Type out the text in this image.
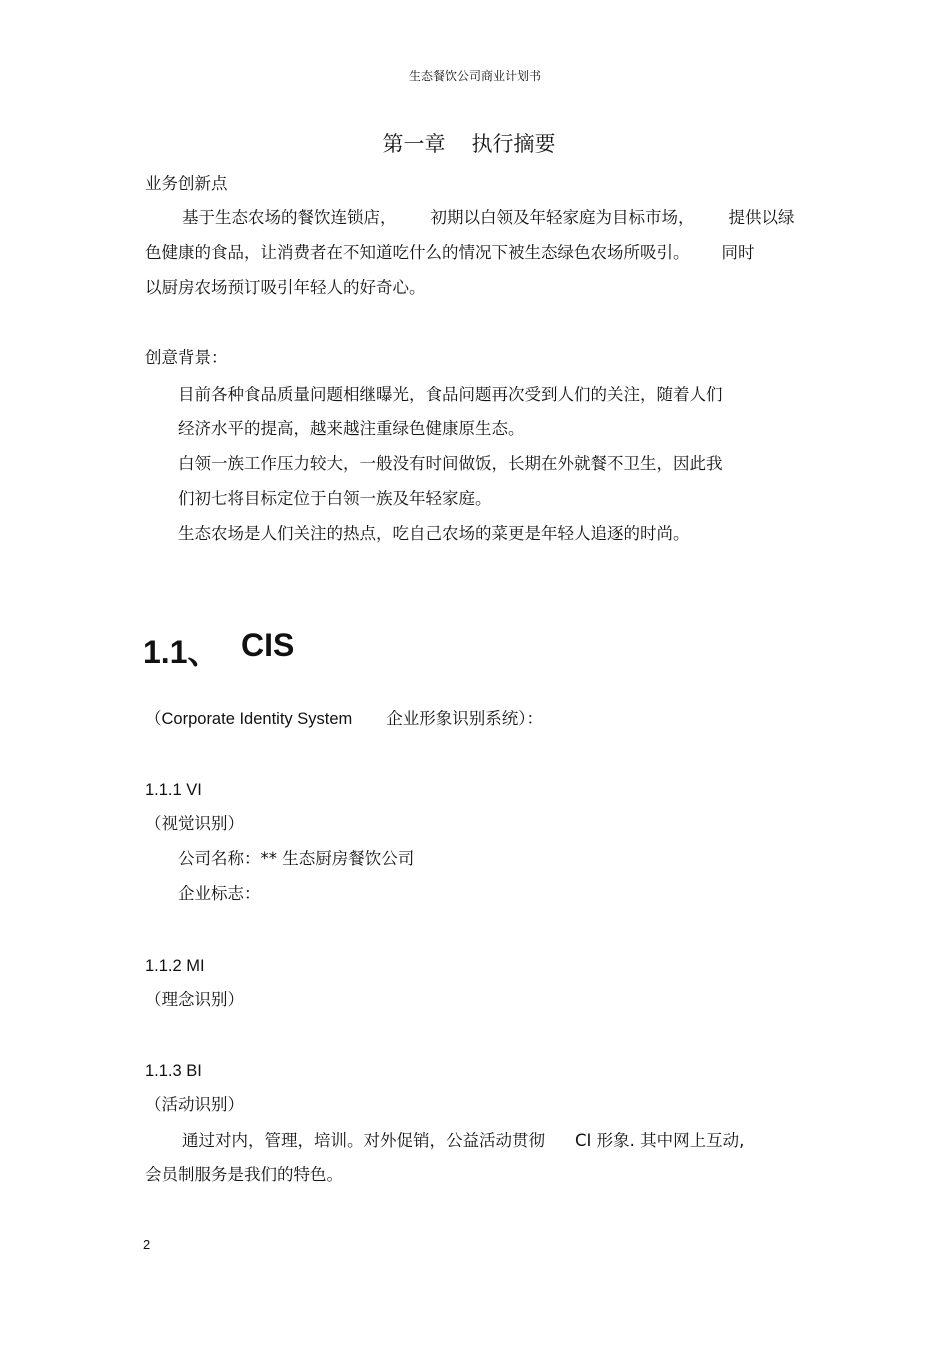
生态餐饮公司商业计划书
第一章 执行摘要
业务创新点
基于生态农场的餐饮连锁店， 初期以白领及年轻家庭为目标市场， 提供以绿
色健康的食品，让消费者在不知道吃什么的情况下被生态绿色农场所吸引。 同时
以厨房农场预订吸引年轻人的好奇心。
创意背景：
目前各种食品质量问题相继曝光，食品问题再次受到人们的关注，随着人们
经济水平的提高，越来越注重绿色健康原生态。
白领一族工作压力较大，一般没有时间做饭，长期在外就餐不卫生，因此我
们初七将目标定位于白领一族及年轻家庭。
生态农场是人们关注的热点，吃自己农场的菜更是年轻人追逐的时尚。
1.1、 CIS
（Corporate Identity System 企业形象识别系统）：
1.1.1 VI
（视觉识别）
公司名称：** 生态厨房餐饮公司
企业标志：
1.1.2 MI
（理念识别）
1.1.3 BI
（活动识别）
通过对内，管理，培训。对外促销，公益活动贯彻 CI 形象. 其中网上互动,
会员制服务是我们的特色。
2
